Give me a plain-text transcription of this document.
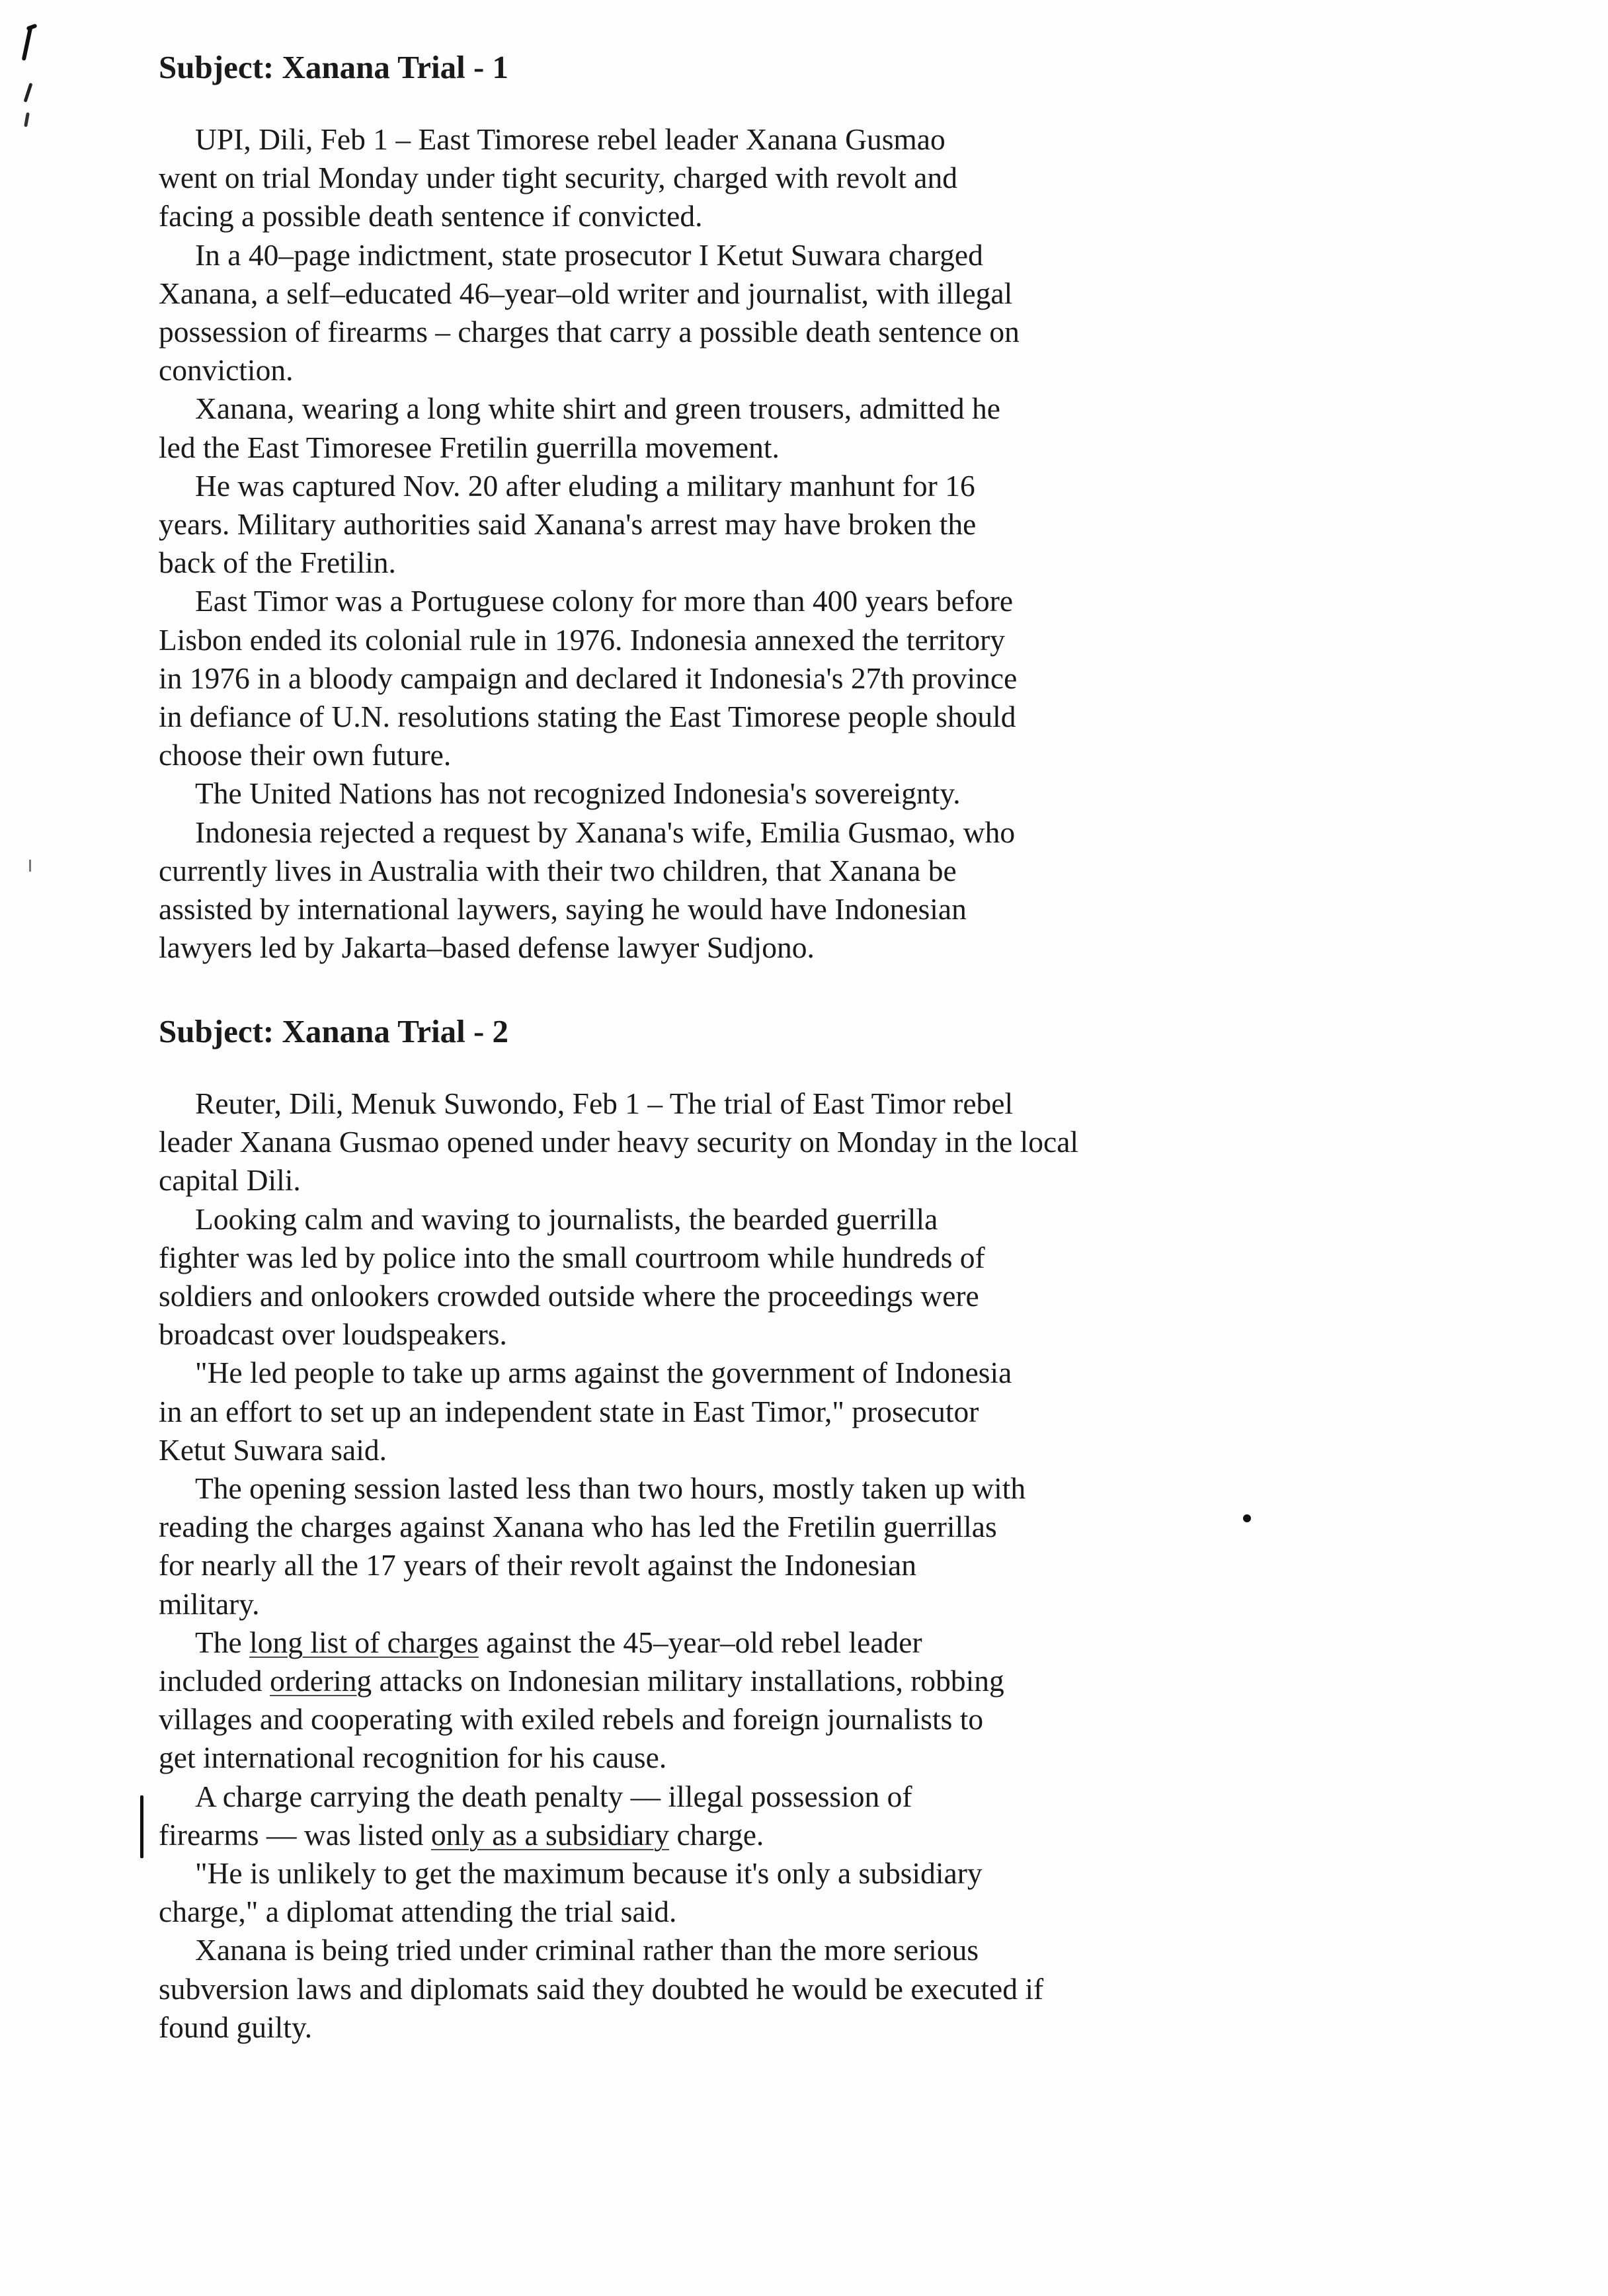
Subject: Xanana Trial - 1

UPI, Dili, Feb 1 – East Timorese rebel leader Xanana Gusmao
went on trial Monday under tight security, charged with revolt and
facing a possible death sentence if convicted.

In a 40–page indictment, state prosecutor I Ketut Suwara charged
Xanana, a self–educated 46–year–old writer and journalist, with illegal
possession of firearms – charges that carry a possible death sentence on
conviction.

Xanana, wearing a long white shirt and green trousers, admitted he
led the East Timoresee Fretilin guerrilla movement.

He was captured Nov. 20 after eluding a military manhunt for 16
years. Military authorities said Xanana's arrest may have broken the
back of the Fretilin.

East Timor was a Portuguese colony for more than 400 years before
Lisbon ended its colonial rule in 1976. Indonesia annexed the territory
in 1976 in a bloody campaign and declared it Indonesia's 27th province
in defiance of U.N. resolutions stating the East Timorese people should
choose their own future.

The United Nations has not recognized Indonesia's sovereignty.

Indonesia rejected a request by Xanana's wife, Emilia Gusmao, who
currently lives in Australia with their two children, that Xanana be
assisted by international laywers, saying he would have Indonesian
lawyers led by Jakarta–based defense lawyer Sudjono.

Subject: Xanana Trial - 2

Reuter, Dili, Menuk Suwondo, Feb 1 – The trial of East Timor rebel
leader Xanana Gusmao opened under heavy security on Monday in the local
capital Dili.

Looking calm and waving to journalists, the bearded guerrilla
fighter was led by police into the small courtroom while hundreds of
soldiers and onlookers crowded outside where the proceedings were
broadcast over loudspeakers.

"He led people to take up arms against the government of Indonesia
in an effort to set up an independent state in East Timor," prosecutor
Ketut Suwara said.

The opening session lasted less than two hours, mostly taken up with
reading the charges against Xanana who has led the Fretilin guerrillas
for nearly all the 17 years of their revolt against the Indonesian
military.

The long list of charges against the 45–year–old rebel leader
included ordering attacks on Indonesian military installations, robbing
villages and cooperating with exiled rebels and foreign journalists to
get international recognition for his cause.

A charge carrying the death penalty –– illegal possession of
firearms –– was listed only as a subsidiary charge.

"He is unlikely to get the maximum because it's only a subsidiary
charge," a diplomat attending the trial said.

Xanana is being tried under criminal rather than the more serious
subversion laws and diplomats said they doubted he would be executed if
found guilty.
